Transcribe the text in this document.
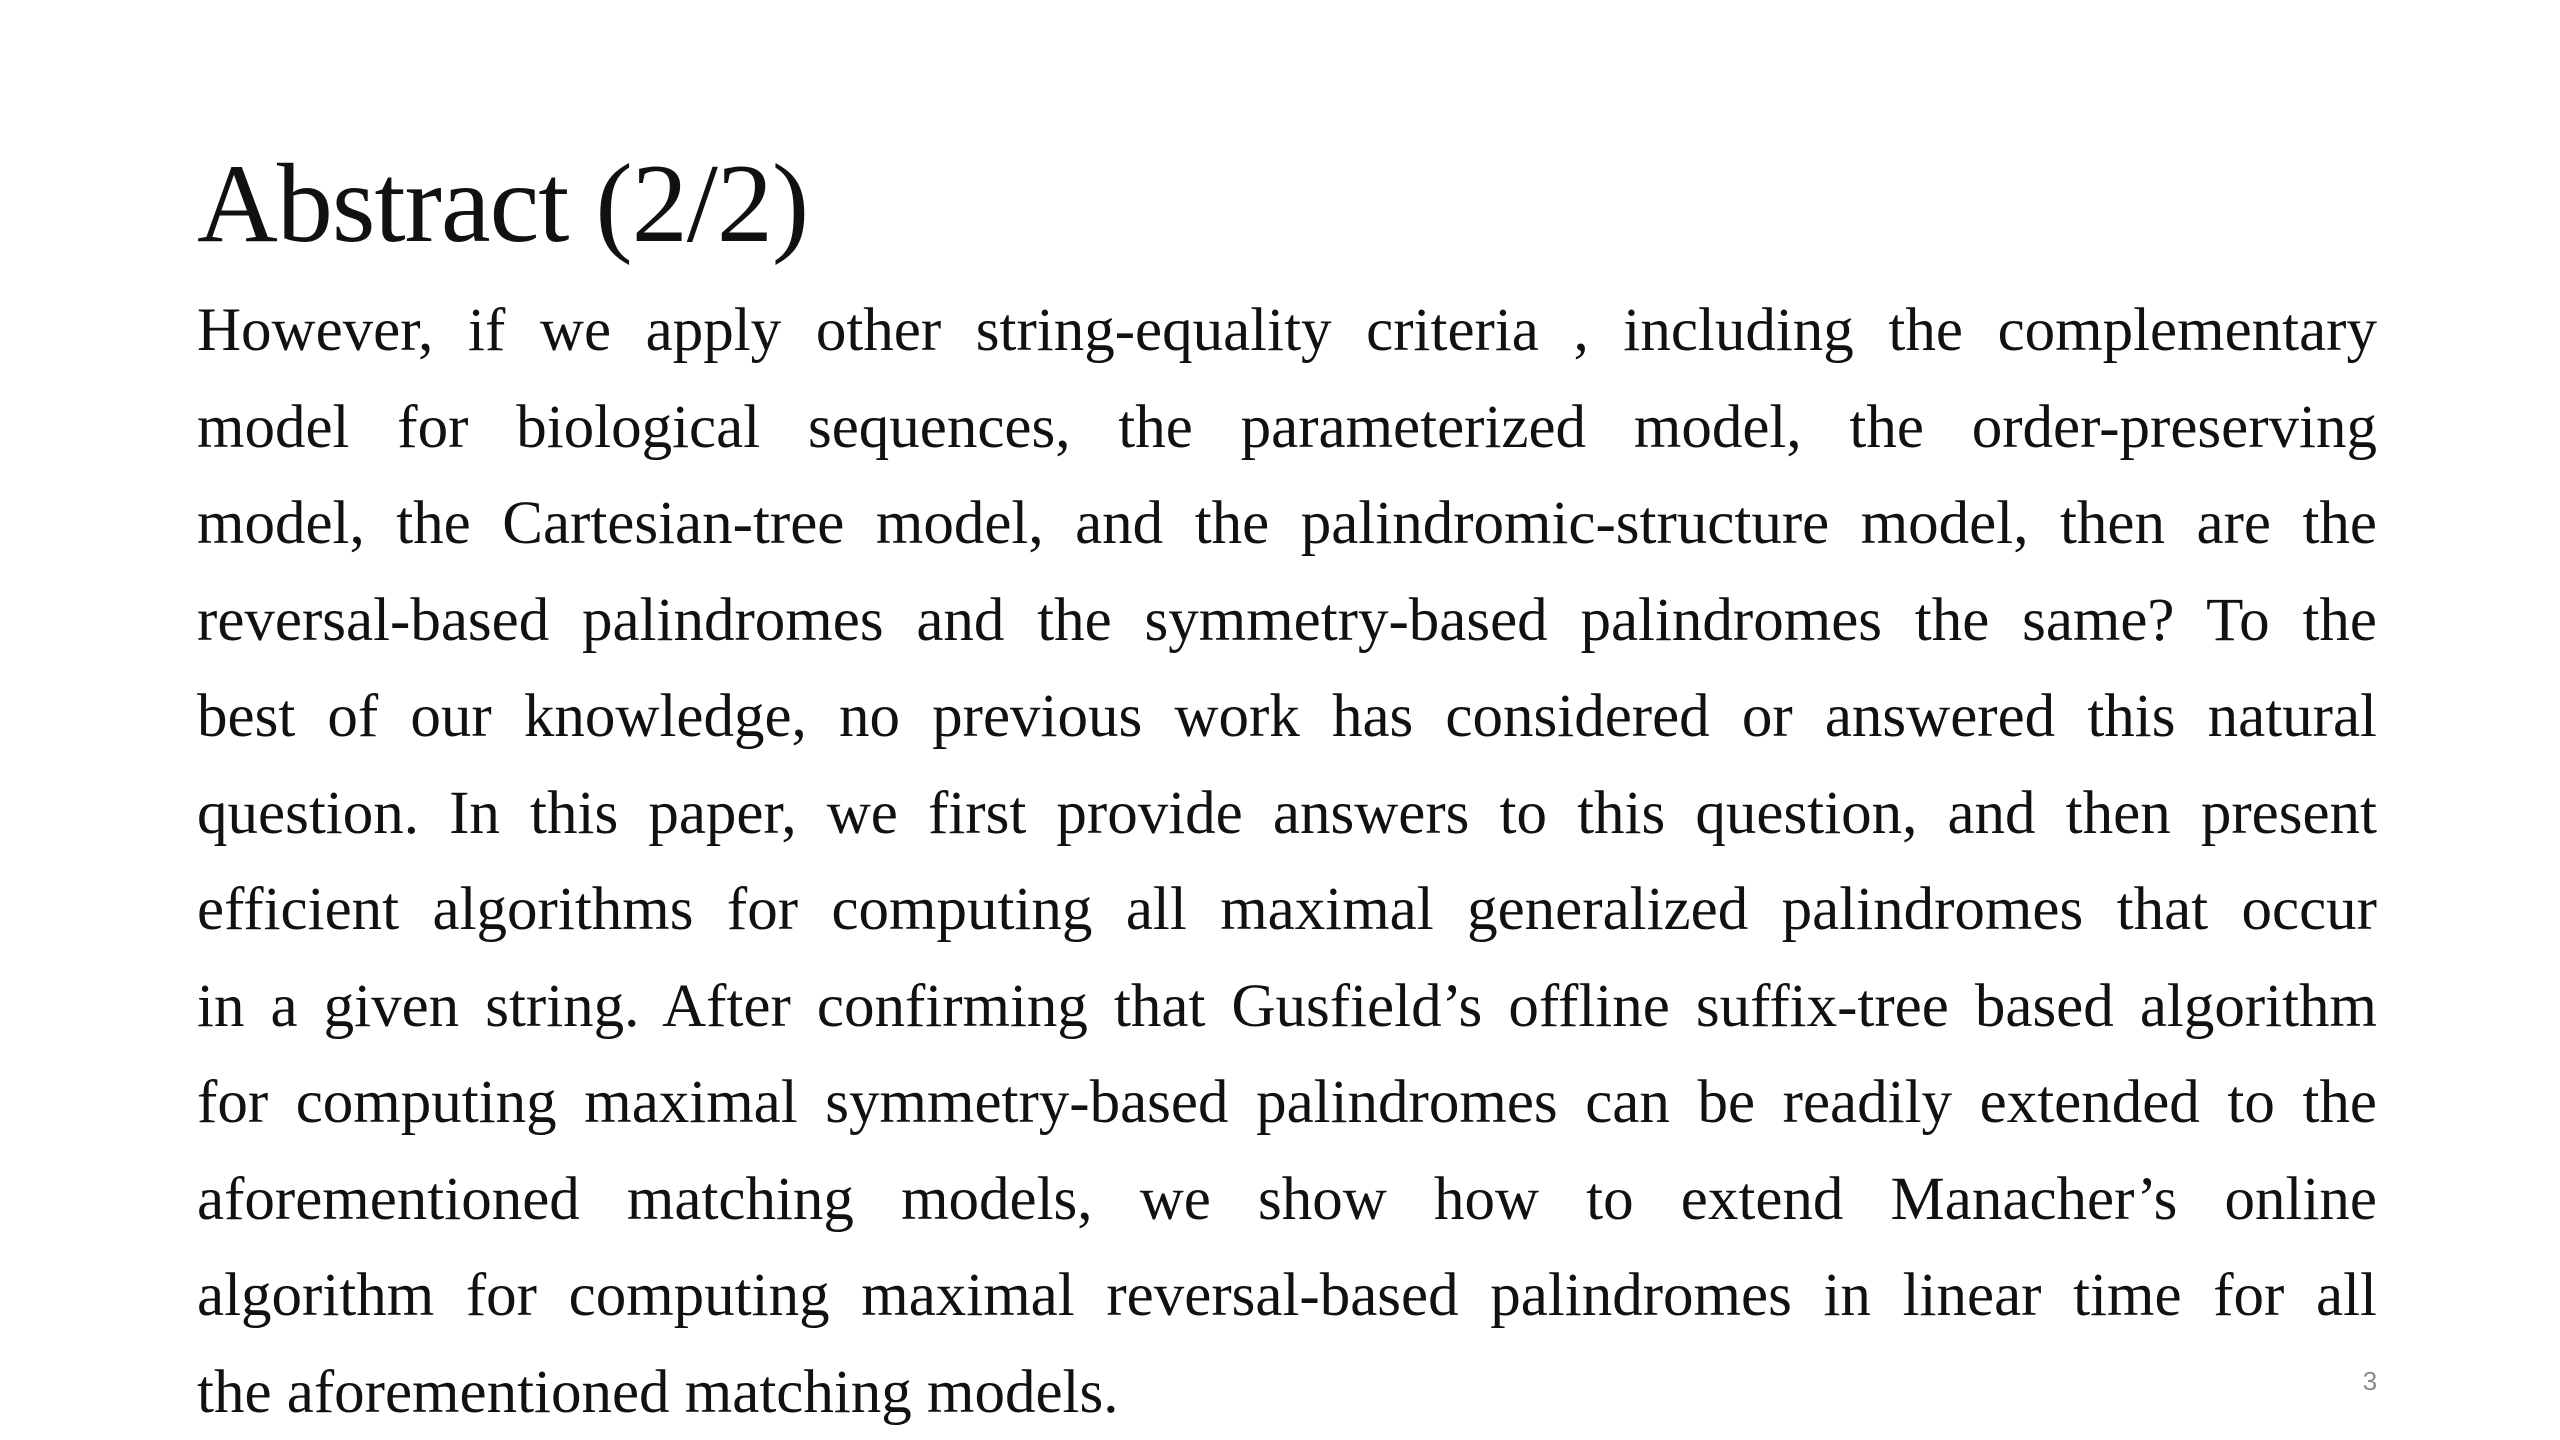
Abstract (2/2)
However, if we apply other string-equality criteria , including the complementary
model for biological sequences, the parameterized model, the order-preserving
model, the Cartesian-tree model, and the palindromic-structure model, then are the
reversal-based palindromes and the symmetry-based palindromes the same? To the
best of our knowledge, no previous work has considered or answered this natural
question. In this paper, we first provide answers to this question, and then present
efficient algorithms for computing all maximal generalized palindromes that occur
in a given string. After confirming that Gusfield’s offline suffix-tree based algorithm
for computing maximal symmetry-based palindromes can be readily extended to the
aforementioned matching models, we show how to extend Manacher’s online
algorithm for computing maximal reversal-based palindromes in linear time for all
the aforementioned matching models.	3
